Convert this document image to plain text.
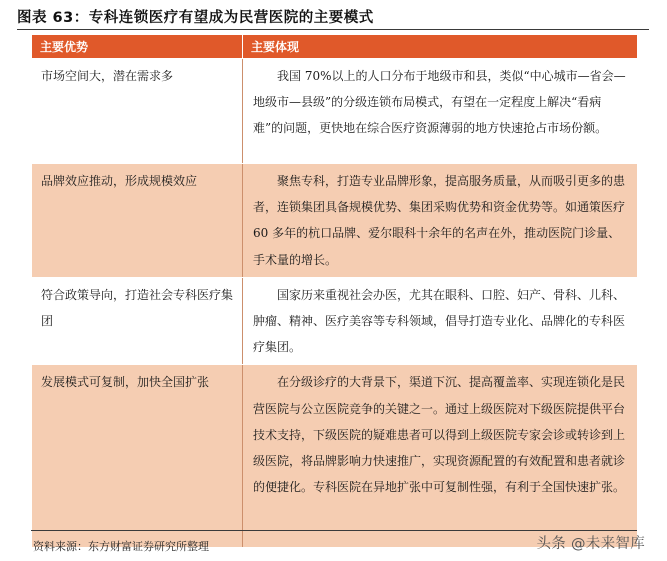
图表 63：专科连锁医疗有望成为民营医院的主要模式
主要优势	主要体现
市场空间大，潜在需求多	我国 70%以上的人口分布于地级市和县，类似“中心城市—省会—地级市—县级”的分级连锁布局模式，有望在一定程度上解决“看病难”的问题，更快地在综合医疗资源薄弱的地方快速抢占市场份额。
品牌效应推动，形成规模效应	聚焦专科，打造专业品牌形象，提高服务质量，从而吸引更多的患者，连锁集团具备规模优势、集团采购优势和资金优势等。如通策医疗 60 多年的杭口品牌、爱尔眼科十余年的名声在外，推动医院门诊量、手术量的增长。
符合政策导向，打造社会专科医疗集团	国家历来重视社会办医，尤其在眼科、口腔、妇产、骨科、儿科、肿瘤、精神、医疗美容等专科领域，倡导打造专业化、品牌化的专科医疗集团。
发展模式可复制，加快全国扩张	在分级诊疗的大背景下，渠道下沉、提高覆盖率、实现连锁化是民营医院与公立医院竞争的关键之一。通过上级医院对下级医院提供平台技术支持，下级医院的疑难患者可以得到上级医院专家会诊或转诊到上级医院，将品牌影响力快速推广，实现资源配置的有效配置和患者就诊的便捷化。专科医院在异地扩张中可复制性强，有利于全国快速扩张。
资料来源：东方财富证券研究所整理	头条 @未来智库
